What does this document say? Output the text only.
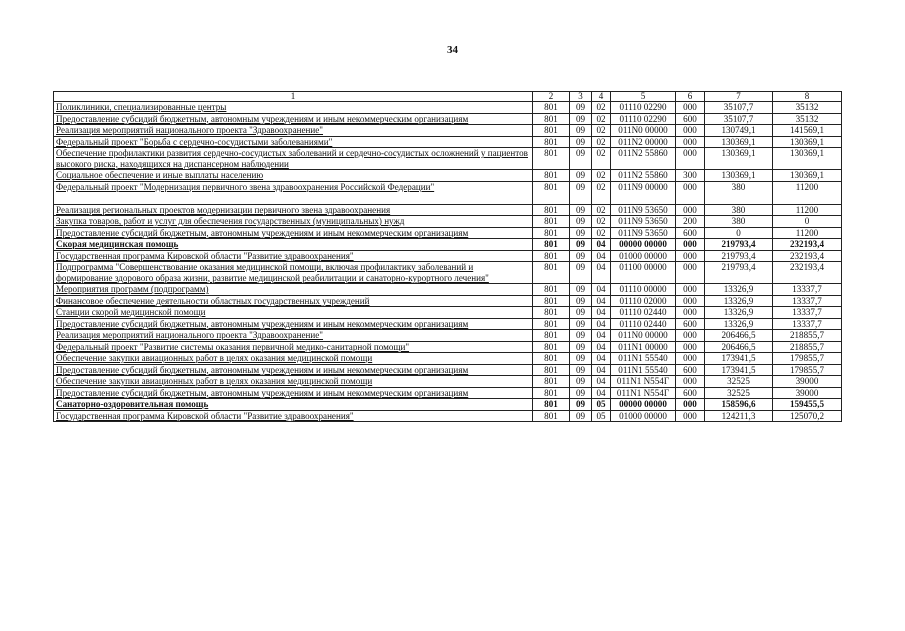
34
1	2	3	4	5	6	7	8
Поликлиники, специализированные центры	801	09	02	01110 02290	000	35107,7	35132
Предоставление субсидий бюджетным, автономным учреждениям и иным некоммерческим организациям	801	09	02	01110 02290	600	35107,7	35132
Реализация мероприятий национального проекта "Здравоохранение"	801	09	02	011N0 00000	000	130749,1	141569,1
Федеральный проект "Борьба с сердечно-сосудистыми заболеваниями"	801	09	02	011N2 00000	000	130369,1	130369,1
Обеспечение профилактики развития сердечно-сосудистых заболеваний и сердечно-сосудистых осложнений у пациентов высокого риска, находящихся на диспансерном наблюдении	801	09	02	011N2 55860	000	130369,1	130369,1
Социальное обеспечение и иные выплаты населению	801	09	02	011N2 55860	300	130369,1	130369,1
Федеральный проект "Модернизация первичного звена здравоохранения Российской Федерации"	801	09	02	011N9 00000	000	380	11200
Реализация региональных проектов модернизации первичного звена здравоохранения	801	09	02	011N9 53650	000	380	11200
Закупка товаров, работ и услуг для обеспечения государственных (муниципальных) нужд	801	09	02	011N9 53650	200	380	0
Предоставление субсидий бюджетным, автономным учреждениям и иным некоммерческим организациям	801	09	02	011N9 53650	600	0	11200
Скорая медицинская помощь	801	09	04	00000 00000	000	219793,4	232193,4
Государственная программа Кировской области "Развитие здравоохранения"	801	09	04	01000 00000	000	219793,4	232193,4
Подпрограмма "Совершенствование оказания медицинской помощи, включая профилактику заболеваний и формирование здорового образа жизни, развитие медицинской реабилитации и санаторно-курортного лечения"	801	09	04	01100 00000	000	219793,4	232193,4
Мероприятия программ (подпрограмм)	801	09	04	01110 00000	000	13326,9	13337,7
Финансовое обеспечение деятельности областных государственных учреждений	801	09	04	01110 02000	000	13326,9	13337,7
Станции скорой медицинской помощи	801	09	04	01110 02440	000	13326,9	13337,7
Предоставление субсидий бюджетным, автономным учреждениям и иным некоммерческим организациям	801	09	04	01110 02440	600	13326,9	13337,7
Реализация мероприятий национального проекта "Здравоохранение"	801	09	04	011N0 00000	000	206466,5	218855,7
Федеральный проект "Развитие системы оказания первичной медико-санитарной помощи"	801	09	04	011N1 00000	000	206466,5	218855,7
Обеспечение закупки авиационных работ в целях оказания медицинской помощи	801	09	04	011N1 55540	000	173941,5	179855,7
Предоставление субсидий бюджетным, автономным учреждениям и иным некоммерческим организациям	801	09	04	011N1 55540	600	173941,5	179855,7
Обеспечение закупки авиационных работ в целях оказания медицинской помощи	801	09	04	011N1 N554Г	000	32525	39000
Предоставление субсидий бюджетным, автономным учреждениям и иным некоммерческим организациям	801	09	04	011N1 N554Г	600	32525	39000
Санаторно-оздоровительная помощь	801	09	05	00000 00000	000	158596,6	159455,5
Государственная программа Кировской области "Развитие здравоохранения"	801	09	05	01000 00000	000	124211,3	125070,2
